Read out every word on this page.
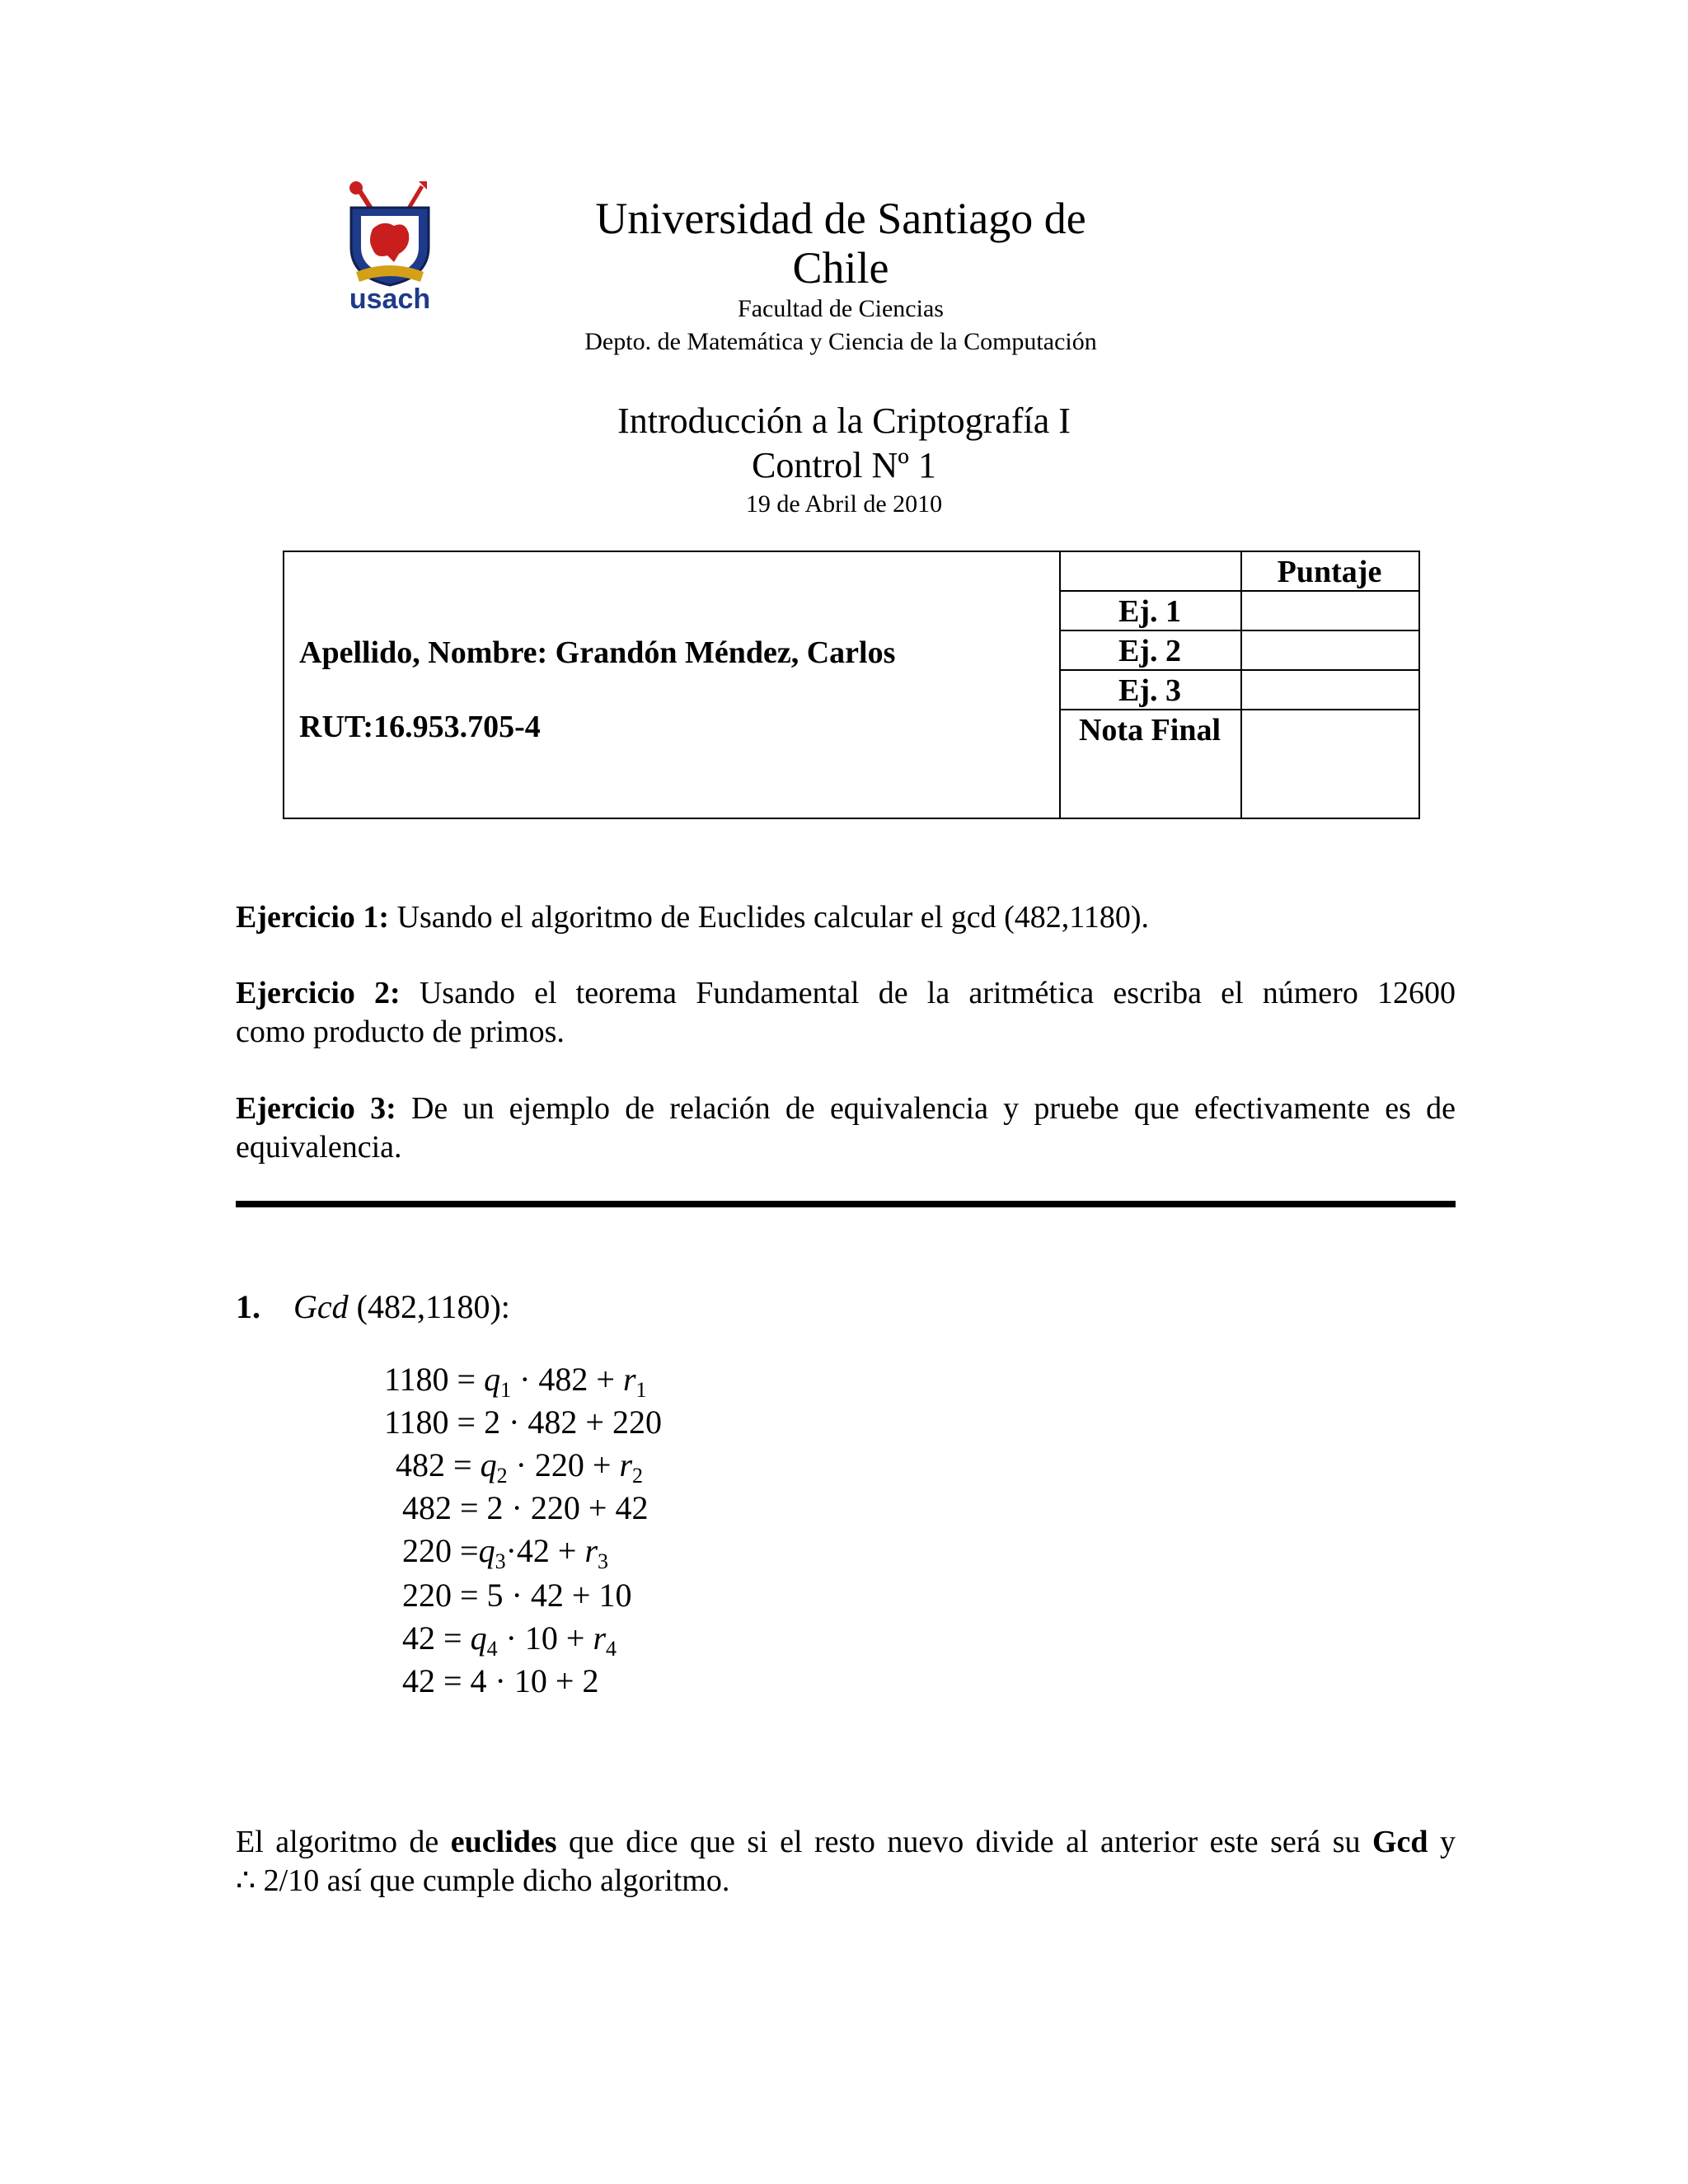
usach
Universidad de Santiago de Chile
Facultad de Ciencias
Depto. de Matemática y Ciencia de la Computación
Introducción a la Criptografía I
Control Nº 1
19 de Abril de 2010
Apellido, Nombre: Grandón Méndez, Carlos
RUT:16.953.705-4
Puntaje
Ej. 1
Ej. 2
Ej. 3
Nota Final
Ejercicio 1: Usando el algoritmo de Euclides calcular el gcd (482,1180).
Ejercicio 2: Usando el teorema Fundamental de la aritmética escriba el número 12600
como producto de primos.
Ejercicio 3: De un ejemplo de relación de equivalencia y pruebe que efectivamente es de
equivalencia.
1. Gcd (482,1180):
$1180 = q_1 \cdot 482 + r_1$
1180 = 2 · 482 + 220
$482 = q_2 \cdot 220 + r_2$
482 = 2 · 220 + 42
$220 =q_3\cdot 42 + r_3$
220 = 5 · 42 + 10
$42 = q_4 \cdot 10 + r_4$
42 = 4 · 10 + 2
El algoritmo de euclides que dice que si el resto nuevo divide al anterior este será su Gcd y
∴ 2/10 así que cumple dicho algoritmo.
